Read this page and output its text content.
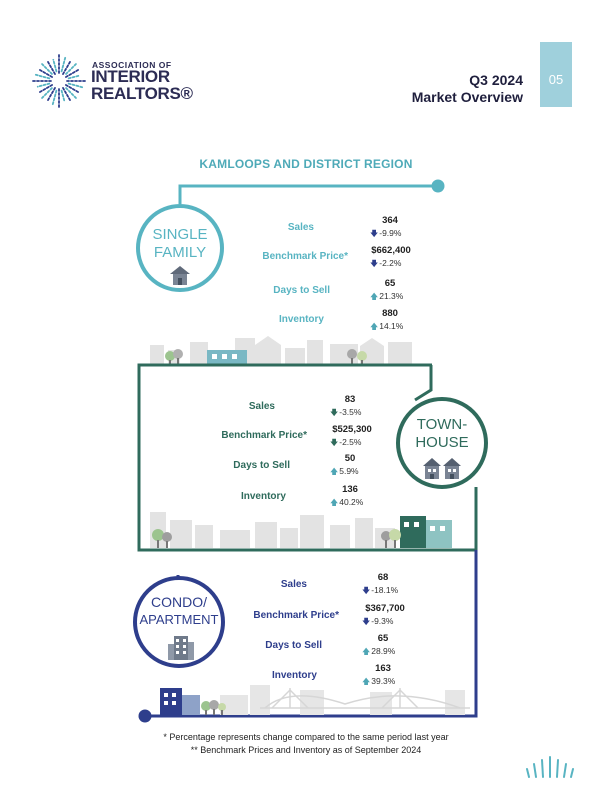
ASSOCIATION OF
INTERIOR
REALTORS®
Q3 2024
Market Overview
05
KAMLOOPS AND DISTRICT REGION
SINGLE
FAMILY
TOWN-
HOUSE
CONDO/
APARTMENT
Sales
364
🡇-9.9%
Benchmark Price*
$662,400
🡇-2.2%
Days to Sell
65
🡅21.3%
Inventory
880
🡅14.1%
Sales
83
🡇-3.5%
Benchmark Price*
$525,300
🡇-2.5%
Days to Sell
50
🡅5.9%
Inventory
136
🡅40.2%
Sales
68
🡇-18.1%
Benchmark Price*
$367,700
🡇-9.3%
Days to Sell
65
🡅28.9%
Inventory
163
🡅39.3%
* Percentage represents change compared to the same period last year
** Benchmark Prices and Inventory as of September 2024
